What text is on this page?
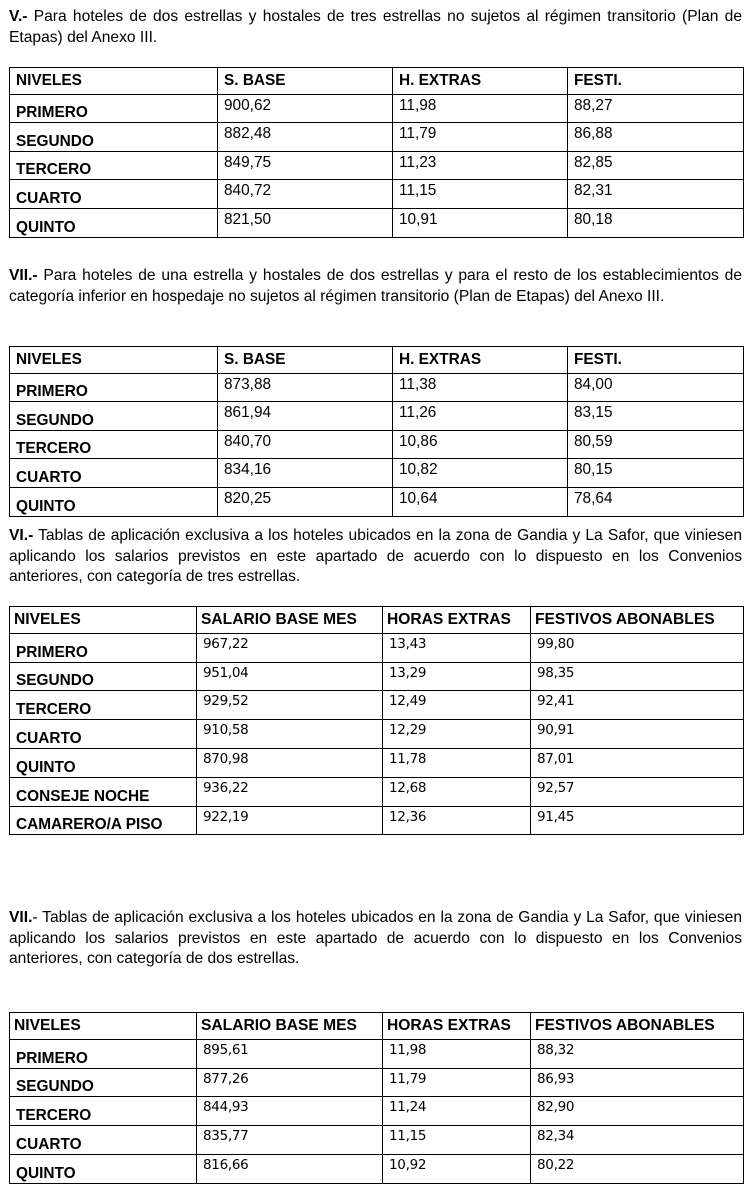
V.- Para hoteles de dos estrellas y hostales de tres estrellas no sujetos al régimen transitorio (Plan de Etapas) del Anexo III.
NIVELES	S. BASE	H. EXTRAS	FESTI.
PRIMERO	900,62	11,98	88,27
SEGUNDO	882,48	11,79	86,88
TERCERO	849,75	11,23	82,85
CUARTO	840,72	11,15	82,31
QUINTO	821,50	10,91	80,18
VII.- Para hoteles de una estrella y hostales de dos estrellas y para el resto de los establecimientos de categoría inferior en hospedaje no sujetos al régimen transitorio (Plan de Etapas) del Anexo III.
NIVELES	S. BASE	H. EXTRAS	FESTI.
PRIMERO	873,88	11,38	84,00
SEGUNDO	861,94	11,26	83,15
TERCERO	840,70	10,86	80,59
CUARTO	834,16	10,82	80,15
QUINTO	820,25	10,64	78,64
VI.- Tablas de aplicación exclusiva a los hoteles ubicados en la zona de Gandia y La Safor, que viniesen aplicando los salarios previstos en este apartado de acuerdo con lo dispuesto en los Convenios anteriores, con categoría de tres estrellas.
NIVELES	SALARIO BASE MES	HORAS EXTRAS	FESTIVOS ABONABLES
PRIMERO	967,22	13,43	99,80
SEGUNDO	951,04	13,29	98,35
TERCERO	929,52	12,49	92,41
CUARTO	910,58	12,29	90,91
QUINTO	870,98	11,78	87,01
CONSEJE NOCHE	936,22	12,68	92,57
CAMARERO/A PISO	922,19	12,36	91,45
VII.- Tablas de aplicación exclusiva a los hoteles ubicados en la zona de Gandia y La Safor, que viniesen aplicando los salarios previstos en este apartado de acuerdo con lo dispuesto en los Convenios anteriores, con categoría de dos estrellas.
NIVELES	SALARIO BASE MES	HORAS EXTRAS	FESTIVOS ABONABLES
PRIMERO	895,61	11,98	88,32
SEGUNDO	877,26	11,79	86,93
TERCERO	844,93	11,24	82,90
CUARTO	835,77	11,15	82,34
QUINTO	816,66	10,92	80,22
